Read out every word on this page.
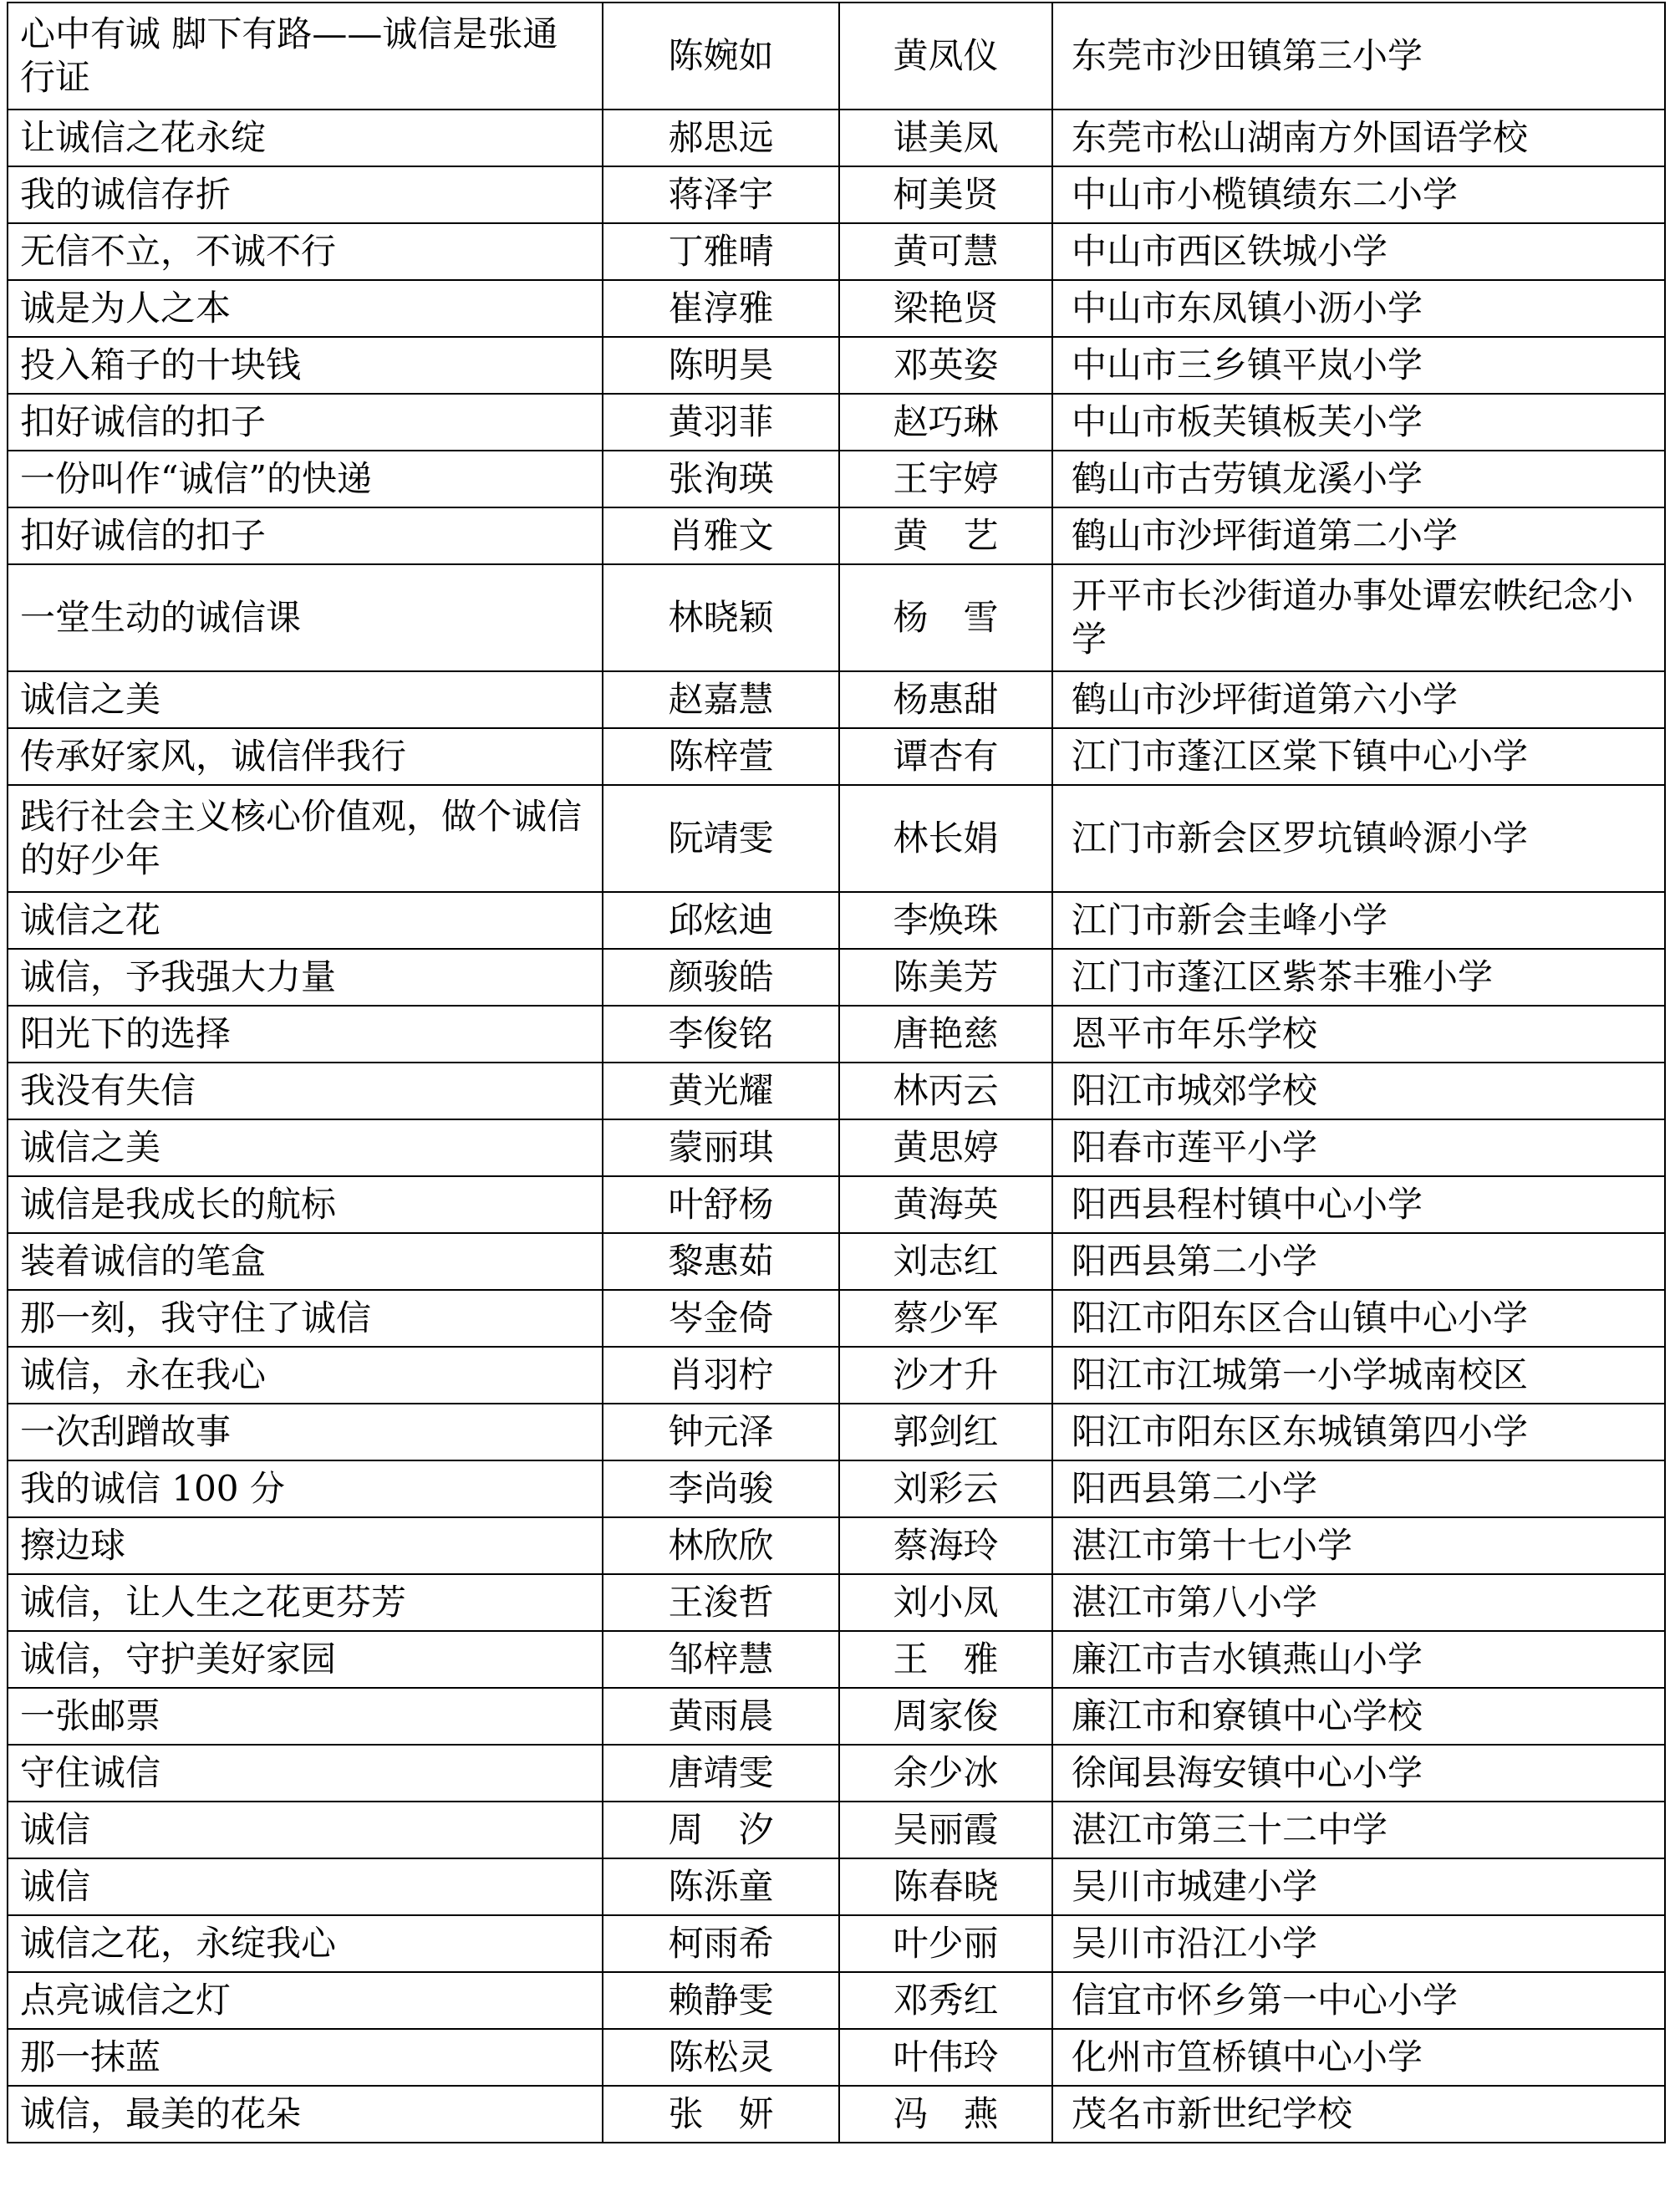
心中有诚 脚下有路——诚信是张通行证	陈婉如	黄凤仪	东莞市沙田镇第三小学
让诚信之花永绽	郝思远	谌美凤	东莞市松山湖南方外国语学校
我的诚信存折	蒋泽宇	柯美贤	中山市小榄镇绩东二小学
无信不立，不诚不行	丁雅晴	黄可慧	中山市西区铁城小学
诚是为人之本	崔淳雅	梁艳贤	中山市东凤镇小沥小学
投入箱子的十块钱	陈明昊	邓英姿	中山市三乡镇平岚小学
扣好诚信的扣子	黄羽菲	赵巧琳	中山市板芙镇板芙小学
一份叫作“诚信”的快递	张洵瑛	王宇婷	鹤山市古劳镇龙溪小学
扣好诚信的扣子	肖雅文	黄　艺	鹤山市沙坪街道第二小学
一堂生动的诚信课	林晓颖	杨　雪	开平市长沙街道办事处谭宏帙纪念小学
诚信之美	赵嘉慧	杨惠甜	鹤山市沙坪街道第六小学
传承好家风，诚信伴我行	陈梓萱	谭杏有	江门市蓬江区棠下镇中心小学
践行社会主义核心价值观，做个诚信的好少年	阮靖雯	林长娟	江门市新会区罗坑镇岭源小学
诚信之花	邱炫迪	李焕珠	江门市新会圭峰小学
诚信，予我强大力量	颜骏皓	陈美芳	江门市蓬江区紫茶丰雅小学
阳光下的选择	李俊铭	唐艳慈	恩平市年乐学校
我没有失信	黄光耀	林丙云	阳江市城郊学校
诚信之美	蒙丽琪	黄思婷	阳春市莲平小学
诚信是我成长的航标	叶舒杨	黄海英	阳西县程村镇中心小学
装着诚信的笔盒	黎惠茹	刘志红	阳西县第二小学
那一刻，我守住了诚信	岑金倚	蔡少军	阳江市阳东区合山镇中心小学
诚信，永在我心	肖羽柠	沙才升	阳江市江城第一小学城南校区
一次刮蹭故事	钟元泽	郭剑红	阳江市阳东区东城镇第四小学
我的诚信 100 分	李尚骏	刘彩云	阳西县第二小学
擦边球	林欣欣	蔡海玲	湛江市第十七小学
诚信，让人生之花更芬芳	王浚哲	刘小凤	湛江市第八小学
诚信，守护美好家园	邹梓慧	王　雅	廉江市吉水镇燕山小学
一张邮票	黄雨晨	周家俊	廉江市和寮镇中心学校
守住诚信	唐靖雯	余少冰	徐闻县海安镇中心小学
诚信	周　汐	吴丽霞	湛江市第三十二中学
诚信	陈泺童	陈春晓	吴川市城建小学
诚信之花，永绽我心	柯雨希	叶少丽	吴川市沿江小学
点亮诚信之灯	赖静雯	邓秀红	信宜市怀乡第一中心小学
那一抹蓝	陈松灵	叶伟玲	化州市笪桥镇中心小学
诚信，最美的花朵	张　妍	冯　燕	茂名市新世纪学校
